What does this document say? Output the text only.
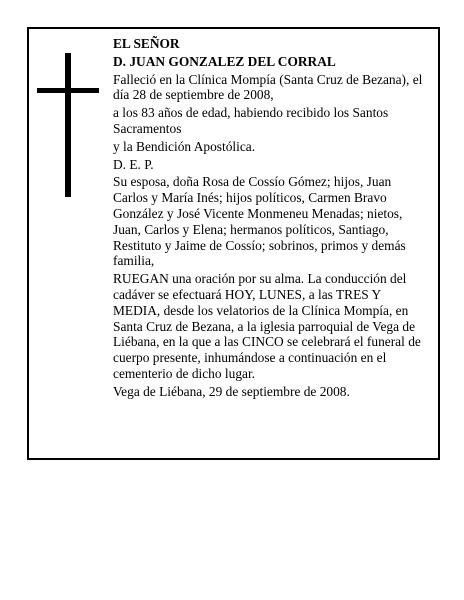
EL SEÑOR
D. JUAN GONZALEZ DEL CORRAL
Falleció en la Clínica Mompía (Santa Cruz de Bezana), el día 28 de septiembre de 2008,
a los 83 años de edad, habiendo recibido los Santos Sacramentos
y la Bendición Apostólica.
D. E. P.
Su esposa, doña Rosa de Cossío Gómez; hijos, Juan Carlos y María Inés; hijos políticos, Carmen Bravo González y José Vicente Monmeneu Menadas; nietos, Juan, Carlos y Elena; hermanos políticos, Santiago, Restituto y Jaime de Cossío; sobrinos, primos y demás familia,
RUEGAN una oración por su alma. La conducción del cadáver se efectuará HOY, LUNES, a las TRES Y MEDIA, desde los velatorios de la Clínica Mompía, en Santa Cruz de Bezana, a la iglesia parroquial de Vega de Liébana, en la que a las CINCO se celebrará el funeral de cuerpo presente, inhumándose a continuación en el cementerio de dicho lugar.
Vega de Liébana, 29 de septiembre de 2008.
